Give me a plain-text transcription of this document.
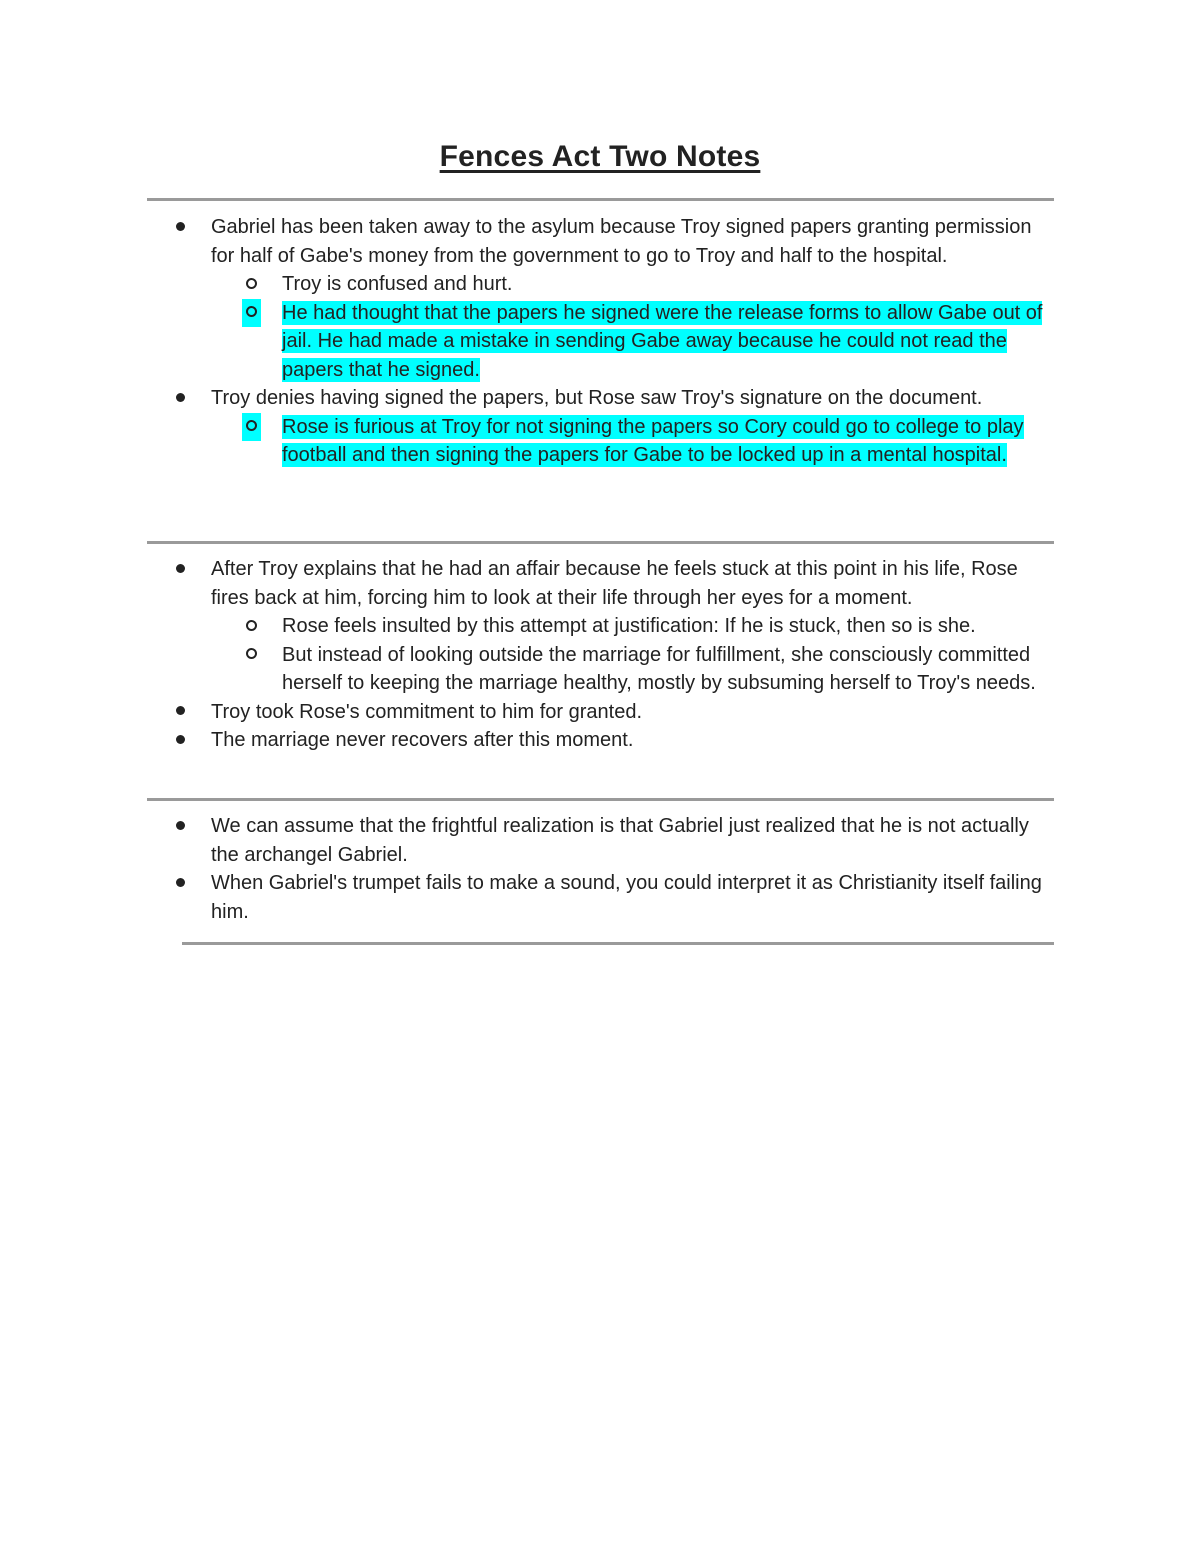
Fences Act Two Notes
Gabriel has been taken away to the asylum because Troy signed papers granting permission for half of Gabe's money from the government to go to Troy and half to the hospital.
Troy is confused and hurt.
He had thought that the papers he signed were the release forms to allow Gabe out of jail. He had made a mistake in sending Gabe away because he could not read the papers that he signed.
Troy denies having signed the papers, but Rose saw Troy's signature on the document.
Rose is furious at Troy for not signing the papers so Cory could go to college to play football and then signing the papers for Gabe to be locked up in a mental hospital.
After Troy explains that he had an affair because he feels stuck at this point in his life, Rose fires back at him, forcing him to look at their life through her eyes for a moment.
Rose feels insulted by this attempt at justification: If he is stuck, then so is she.
But instead of looking outside the marriage for fulfillment, she consciously committed herself to keeping the marriage healthy, mostly by subsuming herself to Troy's needs.
Troy took Rose's commitment to him for granted.
The marriage never recovers after this moment.
We can assume that the frightful realization is that Gabriel just realized that he is not actually the archangel Gabriel.
When Gabriel's trumpet fails to make a sound, you could interpret it as Christianity itself failing him.
